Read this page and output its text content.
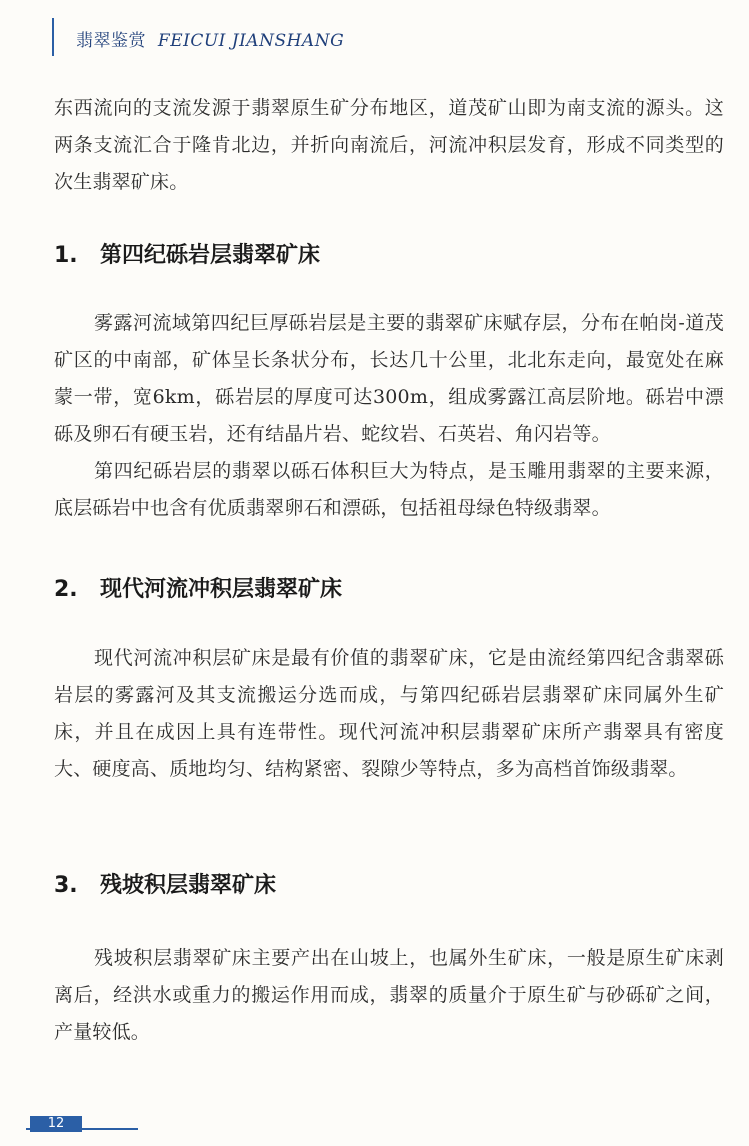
翡翠鉴赏 FEICUI JIANSHANG

东西流向的支流发源于翡翠原生矿分布地区，道茂矿山即为南支流的源头。这两条支流汇合于隆肯北边，并折向南流后，河流冲积层发育，形成不同类型的次生翡翠矿床。

1. 第四纪砾岩层翡翠矿床

雾露河流域第四纪巨厚砾岩层是主要的翡翠矿床赋存层，分布在帕岗-道茂矿区的中南部，矿体呈长条状分布，长达几十公里，北北东走向，最宽处在麻蒙一带，宽6km，砾岩层的厚度可达300m，组成雾露江高层阶地。砾岩中漂砾及卵石有硬玉岩，还有结晶片岩、蛇纹岩、石英岩、角闪岩等。

第四纪砾岩层的翡翠以砾石体积巨大为特点，是玉雕用翡翠的主要来源，底层砾岩中也含有优质翡翠卵石和漂砾，包括祖母绿色特级翡翠。

2. 现代河流冲积层翡翠矿床

现代河流冲积层矿床是最有价值的翡翠矿床，它是由流经第四纪含翡翠砾岩层的雾露河及其支流搬运分选而成，与第四纪砾岩层翡翠矿床同属外生矿床，并且在成因上具有连带性。现代河流冲积层翡翠矿床所产翡翠具有密度大、硬度高、质地均匀、结构紧密、裂隙少等特点，多为高档首饰级翡翠。

3. 残坡积层翡翠矿床

残坡积层翡翠矿床主要产出在山坡上，也属外生矿床，一般是原生矿床剥离后，经洪水或重力的搬运作用而成，翡翠的质量介于原生矿与砂砾矿之间，产量较低。

12
